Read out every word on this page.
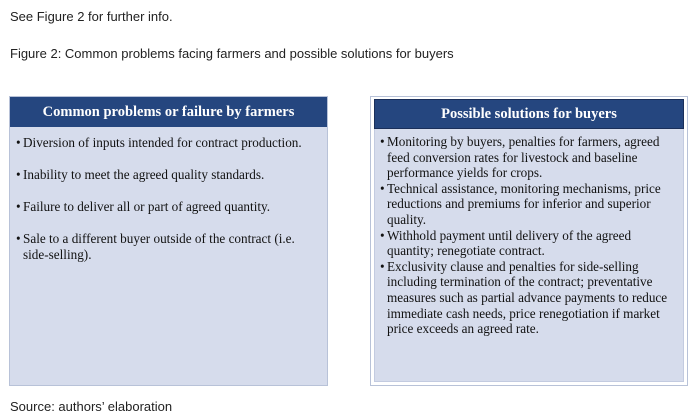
See Figure 2 for further info.
Figure 2: Common problems facing farmers and possible solutions for buyers
Common problems or failure by farmers
• Diversion of inputs intended for contract production.
• Inability to meet the agreed quality standards.
• Failure to deliver all or part of agreed quantity.
• Sale to a different buyer outside of the contract (i.e. side-selling).
Possible solutions for buyers
• Monitoring by buyers, penalties for farmers, agreed feed conversion rates for livestock and baseline performance yields for crops.
• Technical assistance, monitoring mechanisms, price reductions and premiums for inferior and superior quality.
• Withhold payment until delivery of the agreed quantity; renegotiate contract.
• Exclusivity clause and penalties for side-selling including termination of the contract; preventative measures such as partial advance payments to reduce immediate cash needs, price renegotiation if market price exceeds an agreed rate.
Source: authors’ elaboration
